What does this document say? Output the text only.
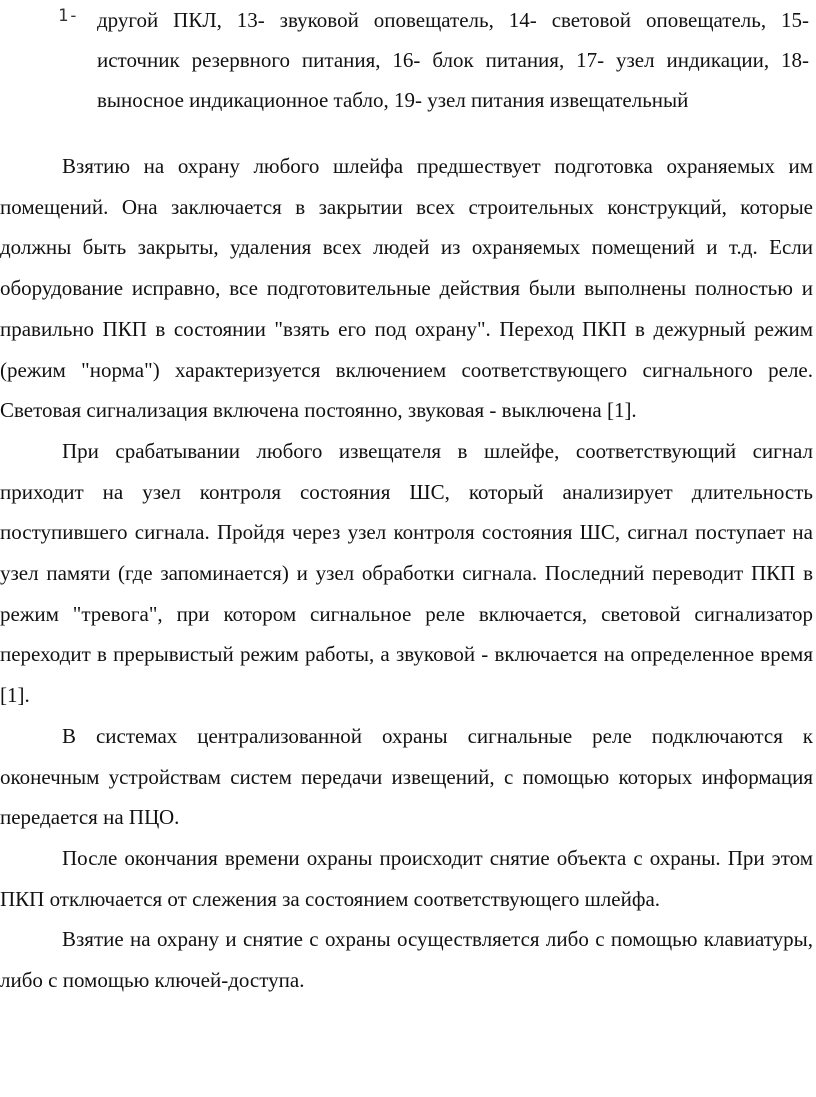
1- другой ПКЛ, 13- звуковой оповещатель, 14- световой оповещатель, 15- источник резервного питания, 16- блок питания, 17- узел индикации, 18- выносное индикационное табло, 19- узел питания извещательный

Взятию на охрану любого шлейфа предшествует подготовка охраняемых им помещений. Она заключается в закрытии всех строительных конструкций, которые должны быть закрыты, удаления всех людей из охраняемых помещений и т.д. Если оборудование исправно, все подготовительные действия были выполнены полностью и правильно ПКП в состоянии "взять его под охрану". Переход ПКП в дежурный режим (режим "норма") характеризуется включением соответствующего сигнального реле. Световая сигнализация включена постоянно, звуковая - выключена [1].

При срабатывании любого извещателя в шлейфе, соответствующий сигнал приходит на узел контроля состояния ШС, который анализирует длительность поступившего сигнала. Пройдя через узел контроля состояния ШС, сигнал поступает на узел памяти (где запоминается) и узел обработки сигнала. Последний переводит ПКП в режим "тревога", при котором сигнальное реле включается, световой сигнализатор переходит в прерывистый режим работы, а звуковой - включается на определенное время [1].

В системах централизованной охраны сигнальные реле подключаются к оконечным устройствам систем передачи извещений, с помощью которых информация передается на ПЦО.

После окончания времени охраны происходит снятие объекта с охраны. При этом ПКП отключается от слежения за состоянием соответствующего шлейфа.

Взятие на охрану и снятие с охраны осуществляется либо с помощью клавиатуры, либо с помощью ключей-доступа.
